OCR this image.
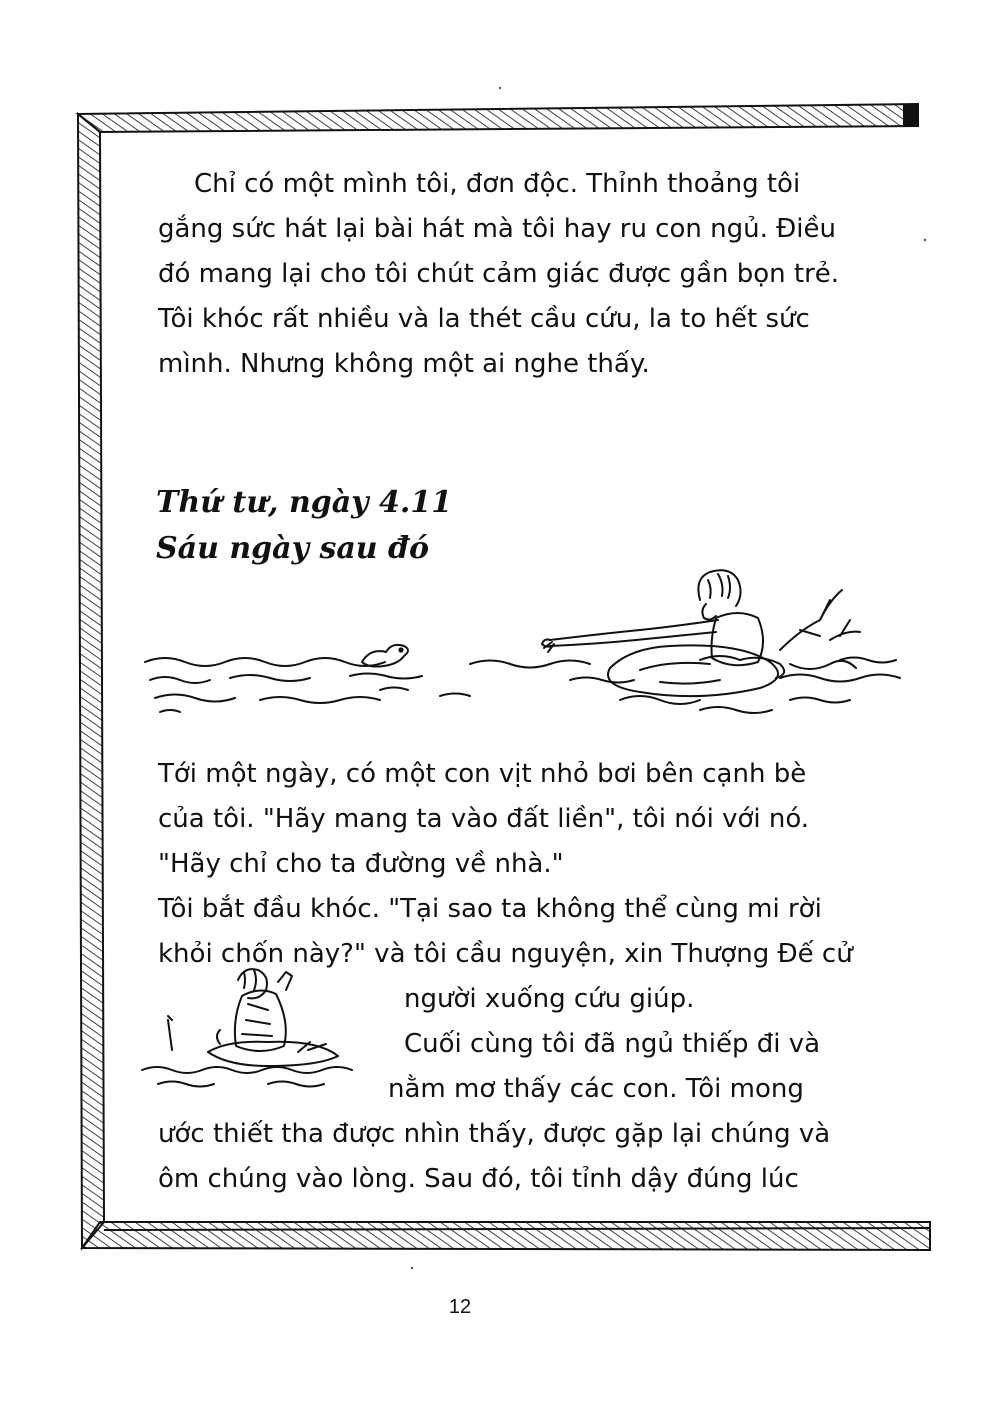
Chỉ có một mình tôi, đơn độc. Thỉnh thoảng tôi
gắng sức hát lại bài hát mà tôi hay ru con ngủ. Điều
đó mang lại cho tôi chút cảm giác được gần bọn trẻ.
Tôi khóc rất nhiều và la thét cầu cứu, la to hết sức
mình. Nhưng không một ai nghe thấy.
Thứ tư, ngày 4.11
Sáu ngày sau đó
Tới một ngày, có một con vịt nhỏ bơi bên cạnh bè
của tôi. "Hãy mang ta vào đất liền", tôi nói với nó.
"Hãy chỉ cho ta đường về nhà."
Tôi bắt đầu khóc. "Tại sao ta không thể cùng mi rời
khỏi chốn này?" và tôi cầu nguyện, xin Thượng Đế cử
người xuống cứu giúp.
Cuối cùng tôi đã ngủ thiếp đi và
nằm mơ thấy các con. Tôi mong
ước thiết tha được nhìn thấy, được gặp lại chúng và
ôm chúng vào lòng. Sau đó, tôi tỉnh dậy đúng lúc
12
